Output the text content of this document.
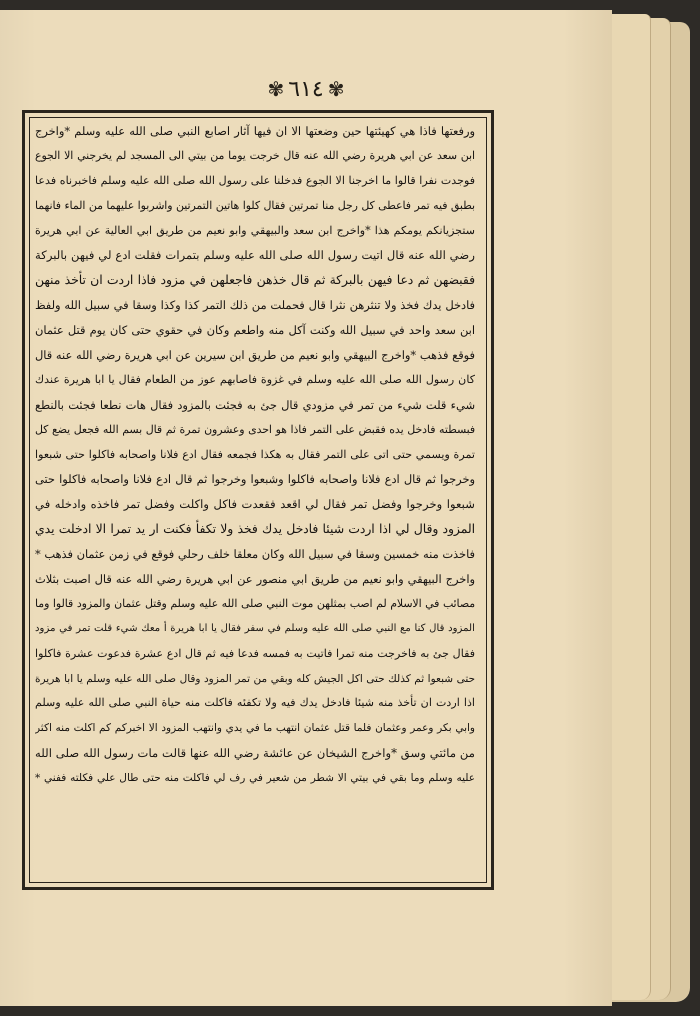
✾ ٦١٤ ✾
ورفعتها فاذا هي كهيئتها حين وضعتها الا ان فيها آثار اصابع النبي صلى الله عليه وسلم *واخرج
ابن سعد عن ابي هريرة رضي الله عنه قال خرجت يوما من بيتي الى المسجد لم يخرجني الا الجوع
فوجدت نفرا قالوا ما اخرجنا الا الجوع فدخلنا على رسول الله صلى الله عليه وسلم فاخبرناه فدعا
بطبق فيه تمر فاعطى كل رجل منا تمرتين فقال كلوا هاتين التمرتين واشربوا عليهما من الماء فانهما
ستجزيانكم يومكم هذا *واخرج ابن سعد والبيهقي وابو نعيم من طريق ابي العالية عن ابي هريرة
رضي الله عنه قال اتيت رسول الله صلى الله عليه وسلم بتمرات فقلت ادع لي فيهن بالبركة
فقبضهن ثم دعا فيهن بالبركة ثم قال خذهن فاجعلهن في مزود فاذا اردت ان تأخذ منهن
فادخل يدك فخذ ولا تنثرهن نثرا قال فحملت من ذلك التمر كذا وكذا وسقا في سبيل الله ولفظ
ابن سعد واحد في سبيل الله وكنت آكل منه واطعم وكان في حقوي حتى كان يوم قتل عثمان
فوقع فذهب *واخرج البيهقي وابو نعيم من طريق ابن سيرين عن ابي هريرة رضي الله عنه قال
كان رسول الله صلى الله عليه وسلم في غزوة فاصابهم عوز من الطعام فقال يا ابا هريرة عندك
شيء قلت شيء من تمر في مزودي قال جئ به فجئت بالمزود فقال هات نطعا فجئت بالنطع
فبسطته فادخل يده فقبض على التمر فاذا هو احدى وعشرون تمرة ثم قال بسم الله فجعل يضع كل
تمرة ويسمي حتى اتى على التمر فقال به هكذا فجمعه فقال ادع فلانا واصحابه فاكلوا حتى شبعوا
وخرجوا ثم قال ادع فلانا واصحابه فاكلوا وشبعوا وخرجوا ثم قال ادع فلانا واصحابه فاكلوا حتى
شبعوا وخرجوا وفضل تمر فقال لي اقعد فقعدت فاكل واكلت وفضل تمر فاخذه وادخله في
المزود وقال لي اذا اردت شيئا فادخل يدك فخذ ولا تكفأ فكنت ار يد تمرا الا ادخلت يدي
فاخذت منه خمسين وسقا في سبيل الله وكان معلقا خلف رحلي فوقع في زمن عثمان فذهب *
واخرج البيهقي وابو نعيم من طريق ابي منصور عن ابي هريرة رضي الله عنه قال اصبت بثلاث
مصائب في الاسلام لم اصب بمثلهن موت النبي صلى الله عليه وسلم وقتل عثمان والمزود قالوا وما
المزود قال كنا مع النبي صلى الله عليه وسلم في سفر فقال يا ابا هريرة أ معك شيء قلت تمر في مزود
فقال جئ به فاخرجت منه تمرا فاتيت به فمسه فدعا فيه ثم قال ادع عشرة فدعوت عشرة فاكلوا
حتى شبعوا ثم كذلك حتى اكل الجيش كله وبقي من تمر المزود وقال صلى الله عليه وسلم يا ابا هريرة
اذا اردت ان تأخذ منه شيئا فادخل يدك فيه ولا تكفئه فاكلت منه حياة النبي صلى الله عليه وسلم
وابي بكر وعمر وعثمان فلما قتل عثمان انتهب ما في يدي وانتهب المزود الا اخبركم كم اكلت منه اكثر
من مائتي وسق *واخرج الشيخان عن عائشة رضي الله عنها قالت مات رسول الله صلى الله
عليه وسلم وما بقي في بيتي الا شطر من شعير في رف لي فاكلت منه حتى طال علي فكلته ففني *
